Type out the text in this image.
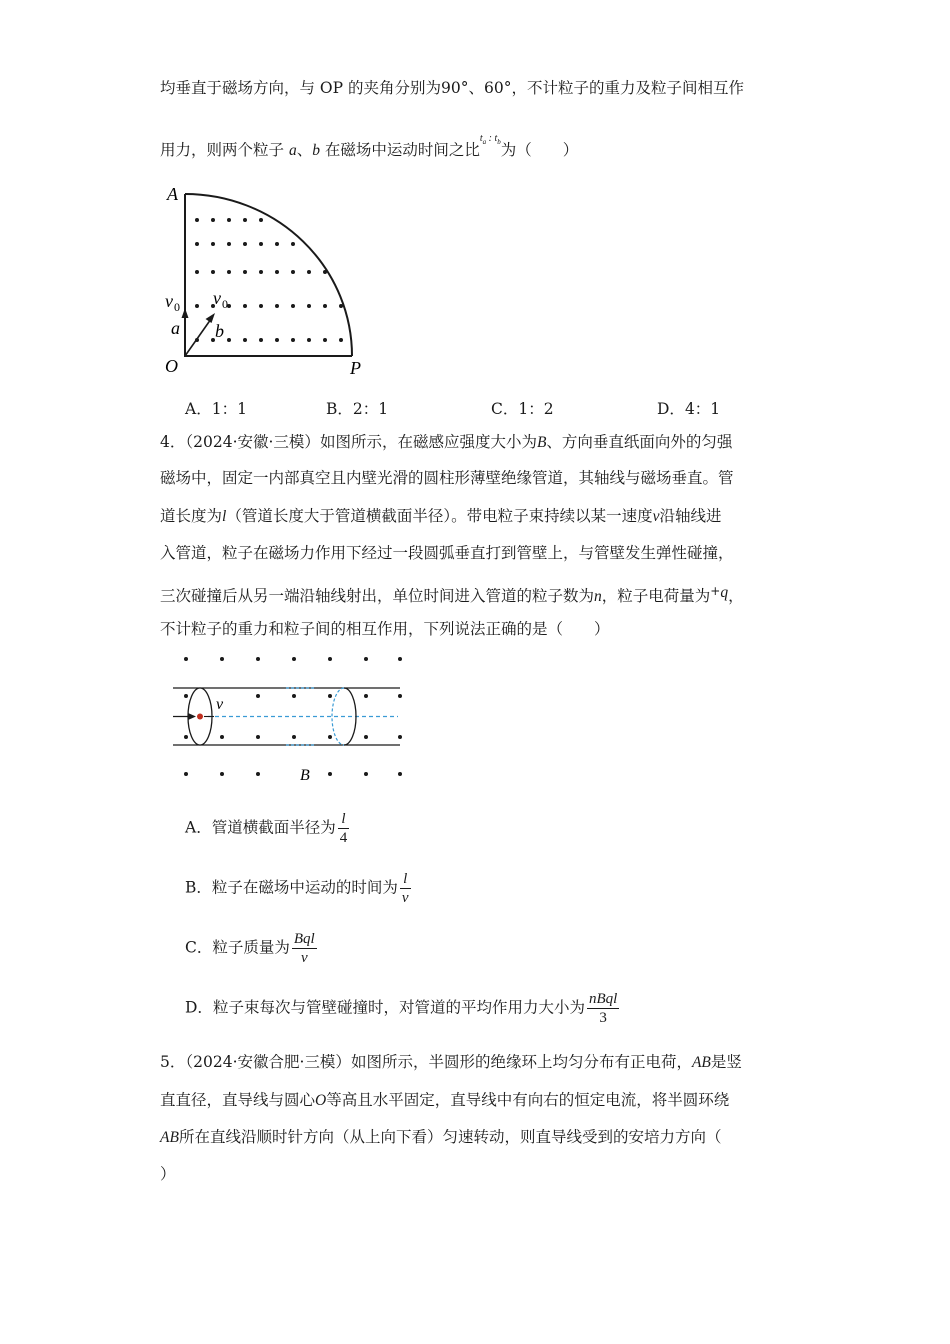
均垂直于磁场方向，与 OP 的夹角分别为90°、60°，不计粒子的重力及粒子间相互作
用力，则两个粒子 a、b 在磁场中运动时间之比$t_a$ : $t_b$为（　　）
A
O	P
v 0
a
v 0
b
A．1：1	B．2：1	C．1：2	D．4：1
4．（2024·安徽·三模）如图所示，在磁感应强度大小为B、方向垂直纸面向外的匀强
磁场中，固定一内部真空且内壁光滑的圆柱形薄壁绝缘管道，其轴线与磁场垂直。管
道长度为l（管道长度大于管道横截面半径）。带电粒子束持续以某一速度v沿轴线进
入管道，粒子在磁场力作用下经过一段圆弧垂直打到管壁上，与管壁发生弹性碰撞，
三次碰撞后从另一端沿轴线射出，单位时间进入管道的粒子数为n，粒子电荷量为+q，
不计粒子的重力和粒子间的相互作用，下列说法正确的是（　　）
v
B
A．管道横截面半径为 $\frac{l}{4}$
B．粒子在磁场中运动的时间为 $\frac{l}{v}$
C．粒子质量为 $\frac{\text{Bql}}{v}$
D．粒子束每次与管壁碰撞时，对管道的平均作用力大小为 $\frac{\text{nBql}}{3}$
5．（2024·安徽合肥·三模）如图所示，半圆形的绝缘环上均匀分布有正电荷，AB是竖
直直径，直导线与圆心O等高且水平固定，直导线中有向右的恒定电流，将半圆环绕
AB所在直线沿顺时针方向（从上向下看）匀速转动，则直导线受到的安培力方向（
）
